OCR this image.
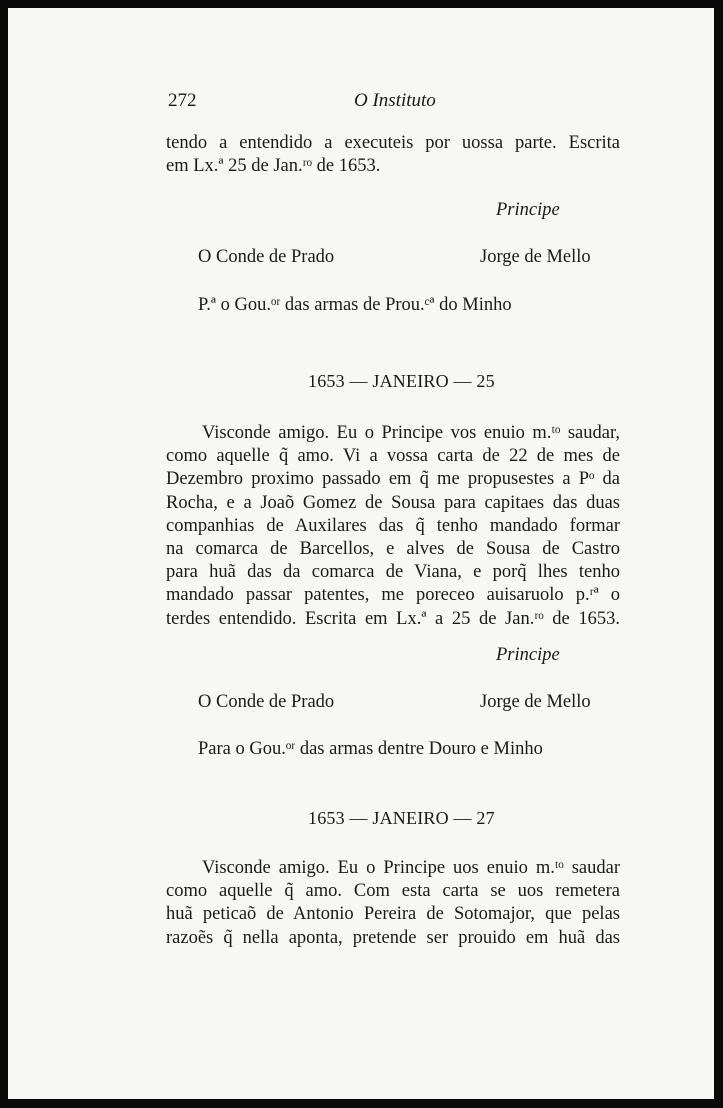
272	O Instituto
tendo a entendido a executeis por uossa parte. Escrita
em Lx.ª 25 de Jan.ʳᵒ de 1653.
Principe
O Conde de Prado	Jorge de Mello
P.ª o Gou.ᵒʳ das armas de Prou.ᶜª do Minho
1653 — JANEIRO — 25
Visconde amigo. Eu o Principe vos enuio m.ᵗᵒ saudar,
como aquelle q̃ amo. Vi a vossa carta de 22 de mes de
Dezembro proximo passado em q̃ me propusestes a Pᵒ da
Rocha, e a Joaõ Gomez de Sousa para capitaes das duas
companhias de Auxilares das q̃ tenho mandado formar
na comarca de Barcellos, e alves de Sousa de Castro
para huã das da comarca de Viana, e porq̃ lhes tenho
mandado passar patentes, me poreceo auisaruolo p.ʳª o
terdes entendido. Escrita em Lx.ª a 25 de Jan.ʳᵒ de 1653.
Principe
O Conde de Prado	Jorge de Mello
Para o Gou.ᵒʳ das armas dentre Douro e Minho
1653 — JANEIRO — 27
Visconde amigo. Eu o Principe uos enuio m.ᵗᵒ saudar
como aquelle q̃ amo. Com esta carta se uos remetera
huã peticaõ de Antonio Pereira de Sotomajor, que pelas
razoẽs q̃ nella aponta, pretende ser prouido em huã das
